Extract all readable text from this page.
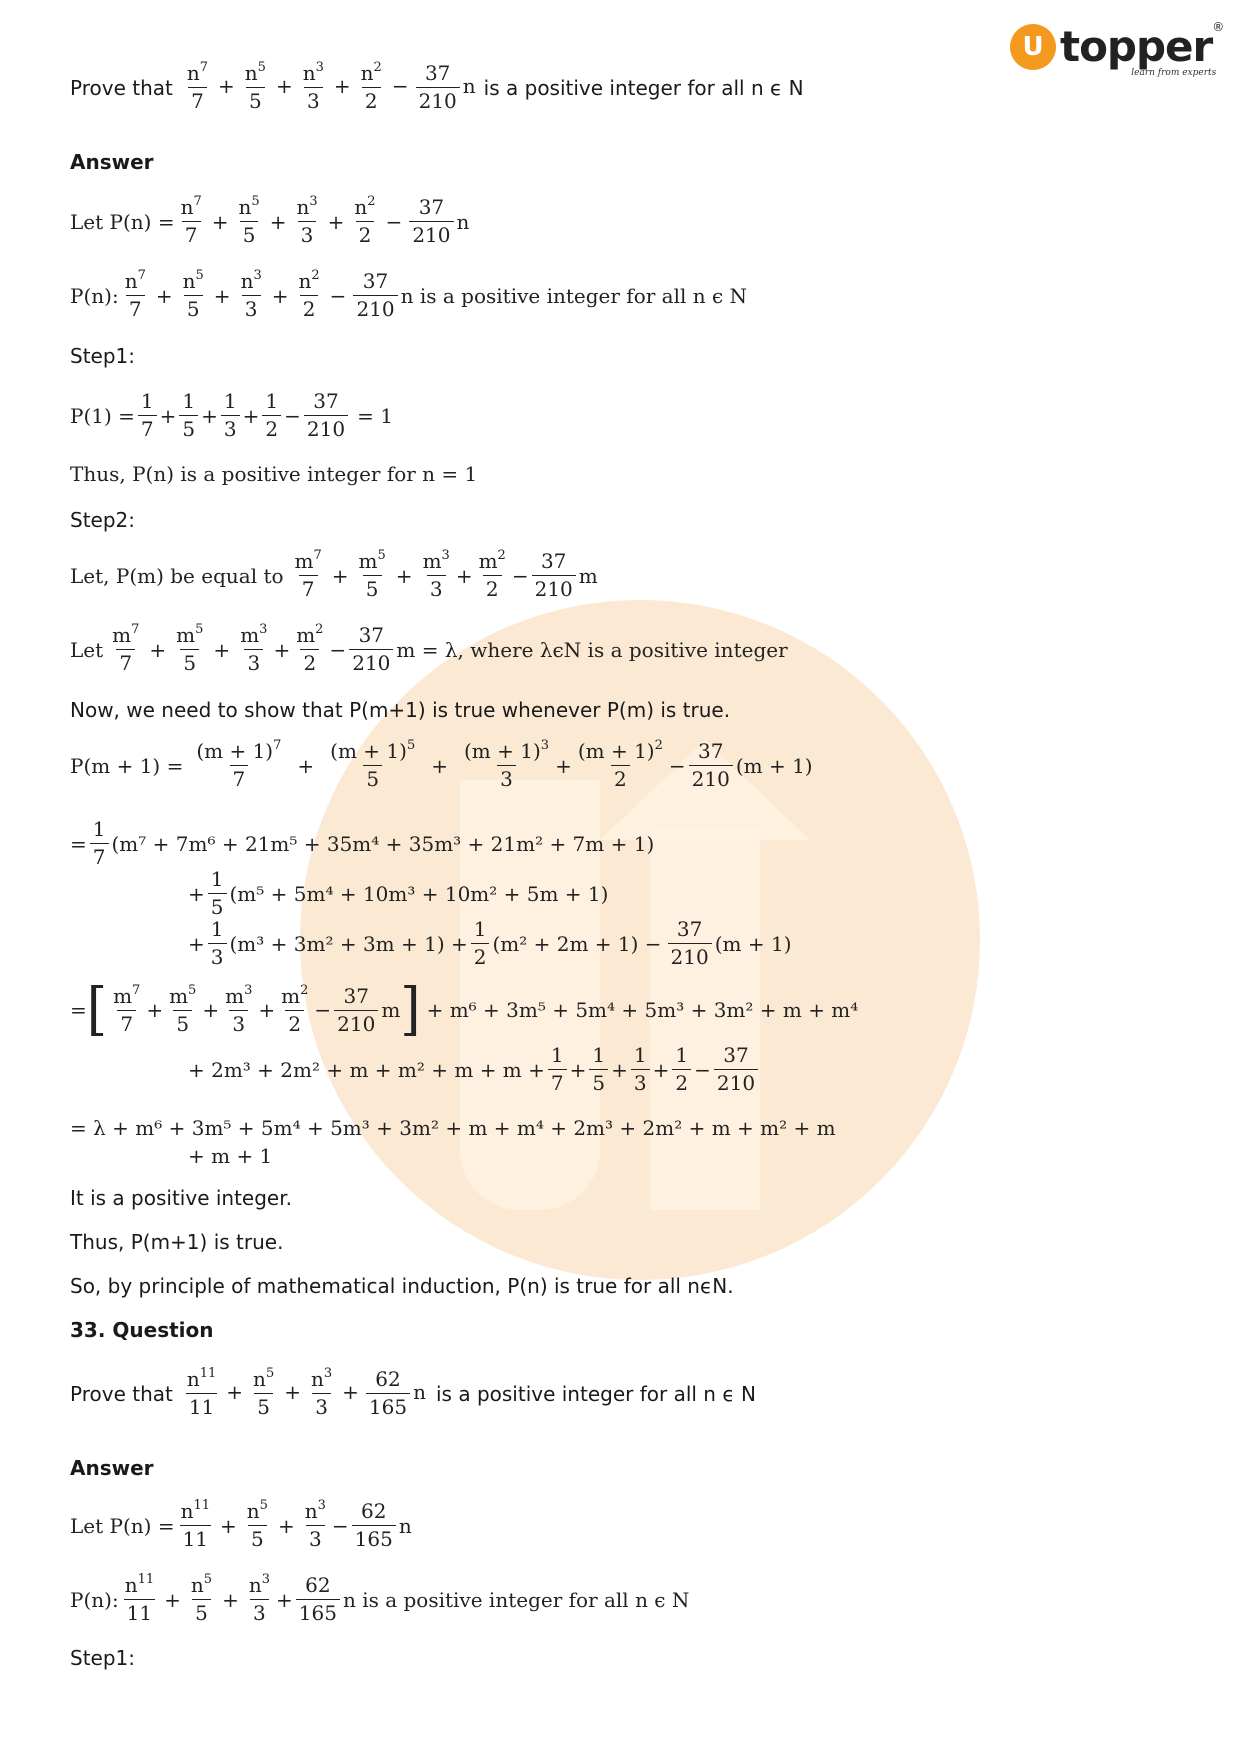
U topper ®
learn from experts
Prove that $\frac{n^7}{7} + \frac{n^5}{5} + \frac{n^3}{3} + \frac{n^2}{2} - \frac{37}{210}$ n is a positive integer for all n ϵ N
Answer
Let $P(n) = \frac{n^7}{7} + \frac{n^5}{5} + \frac{n^3}{3} + \frac{n^2}{2} - \frac{37}{210}$ n
P(n): $\frac{n^7}{7} + \frac{n^5}{5} + \frac{n^3}{3} + \frac{n^2}{2} - \frac{37}{210}$ n is a positive integer for all n ϵ N
Step1:
$P(1) = \frac{1}{7} + \frac{1}{5} + \frac{1}{3} + \frac{1}{2} - \frac{37}{210} = 1$
Thus, P(n) is a positive integer for n = 1
Step2:
Let, P(m) be equal to $\frac{m^7}{7} + \frac{m^5}{5} + \frac{m^3}{3} + \frac{m^2}{2} - \frac{37}{210}$ m
Let $\frac{m^7}{7} + \frac{m^5}{5} + \frac{m^3}{3} + \frac{m^2}{2} - \frac{37}{210}$ m = λ, where λϵN is a positive integer
Now, we need to show that P(m+1) is true whenever P(m) is true.
$P(m + 1) = \frac{(m + 1)^7}{7} + \frac{(m + 1)^5}{5} + \frac{(m + 1)^3}{3} + \frac{(m + 1)^2}{2} - \frac{37}{210} (m + 1)$
= $\frac{1}{7} (m^7 + 7m^6 + 21m^5 + 35m^4 + 35m^3 + 21m^2 + 7m + 1)$
+ $\frac{1}{5} (m^5 + 5m^4 + 10m^3 + 10m^2 + 5m + 1)$
+ $\frac{1}{3} (m^3 + 3m^2 + 3m + 1) + \frac{1}{2} (m^2 + 2m + 1) - \frac{37}{210} (m + 1)$
= [ $\frac{m^7}{7} + \frac{m^5}{5} + \frac{m^3}{3} + \frac{m^2}{2} - \frac{37}{210}$ m ] + m⁶ + 3m⁵ + 5m⁴ + 5m³ + 3m² + m + m⁴
+ $2m^3 + 2m^2 + m + m^2 + m + m + \frac{1}{7} + \frac{1}{5} + \frac{1}{3} + \frac{1}{2} - \frac{37}{210}$
= λ + m⁶ + 3m⁵ + 5m⁴ + 5m³ + 3m² + m + m⁴ + 2m³ + 2m² + m + m² + m
+ m + 1
It is a positive integer.
Thus, P(m+1) is true.
So, by principle of mathematical induction, P(n) is true for all nϵN.
33. Question
Prove that $\frac{n^{11}}{11} + \frac{n^5}{5} + \frac{n^3}{3} + \frac{62}{165}$ n is a positive integer for all n ϵ N
Answer
Let $P(n) = \frac{n^{11}}{11} + \frac{n^5}{5} + \frac{n^3}{3} - \frac{62}{165}$ n
P(n): $\frac{n^{11}}{11} + \frac{n^5}{5} + \frac{n^3}{3} + \frac{62}{165}$ n is a positive integer for all n ϵ N
Step1:
